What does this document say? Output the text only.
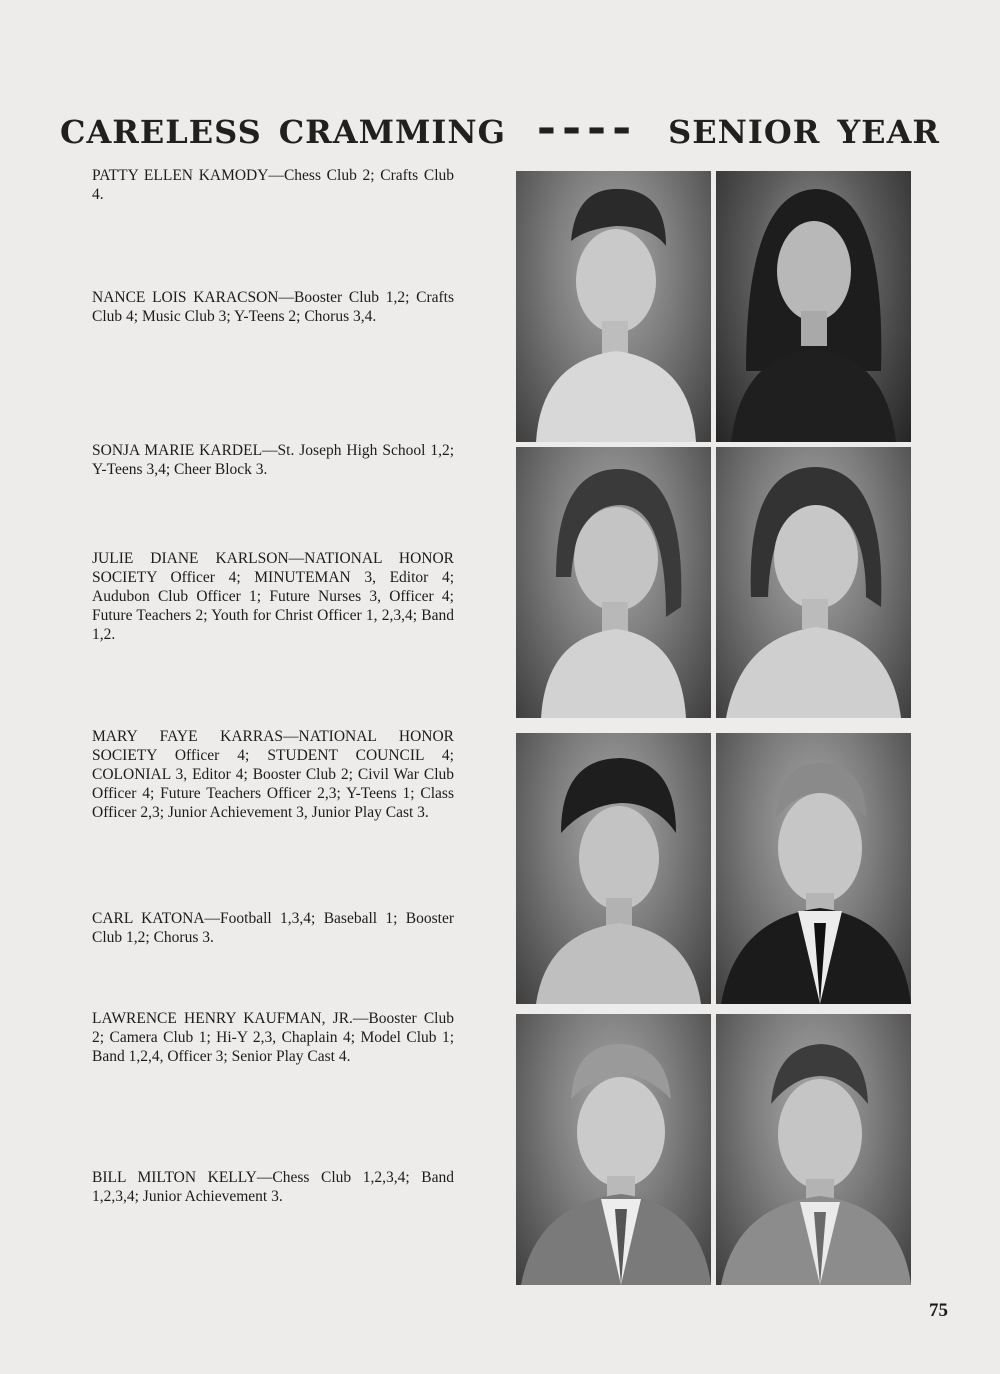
careless cramming ---- senior year
PATTY ELLEN KAMODY—Chess Club 2; Crafts Club 4.
NANCE LOIS KARACSON—Booster Club 1,2; Crafts Club 4; Music Club 3; Y-Teens 2; Chorus 3,4.
SONJA MARIE KARDEL—St. Joseph High School 1,2; Y-Teens 3,4; Cheer Block 3.
JULIE DIANE KARLSON—NATIONAL HONOR SOCIETY Officer 4; MINUTEMAN 3, Editor 4; Audubon Club Officer 1; Future Nurses 3, Officer 4; Future Teachers 2; Youth for Christ Officer 1, 2,3,4; Band 1,2.
MARY FAYE KARRAS—NATIONAL HONOR SOCIETY Officer 4; STUDENT COUNCIL 4; COLONIAL 3, Editor 4; Booster Club 2; Civil War Club Officer 4; Future Teachers Officer 2,3; Y-Teens 1; Class Officer 2,3; Junior Achievement 3, Junior Play Cast 3.
CARL KATONA—Football 1,3,4; Baseball 1; Booster Club 1,2; Chorus 3.
LAWRENCE HENRY KAUFMAN, JR.—Booster Club 2; Camera Club 1; Hi-Y 2,3, Chaplain 4; Model Club 1; Band 1,2,4, Officer 3; Senior Play Cast 4.
BILL MILTON KELLY—Chess Club 1,2,3,4; Band 1,2,3,4; Junior Achievement 3.
75
